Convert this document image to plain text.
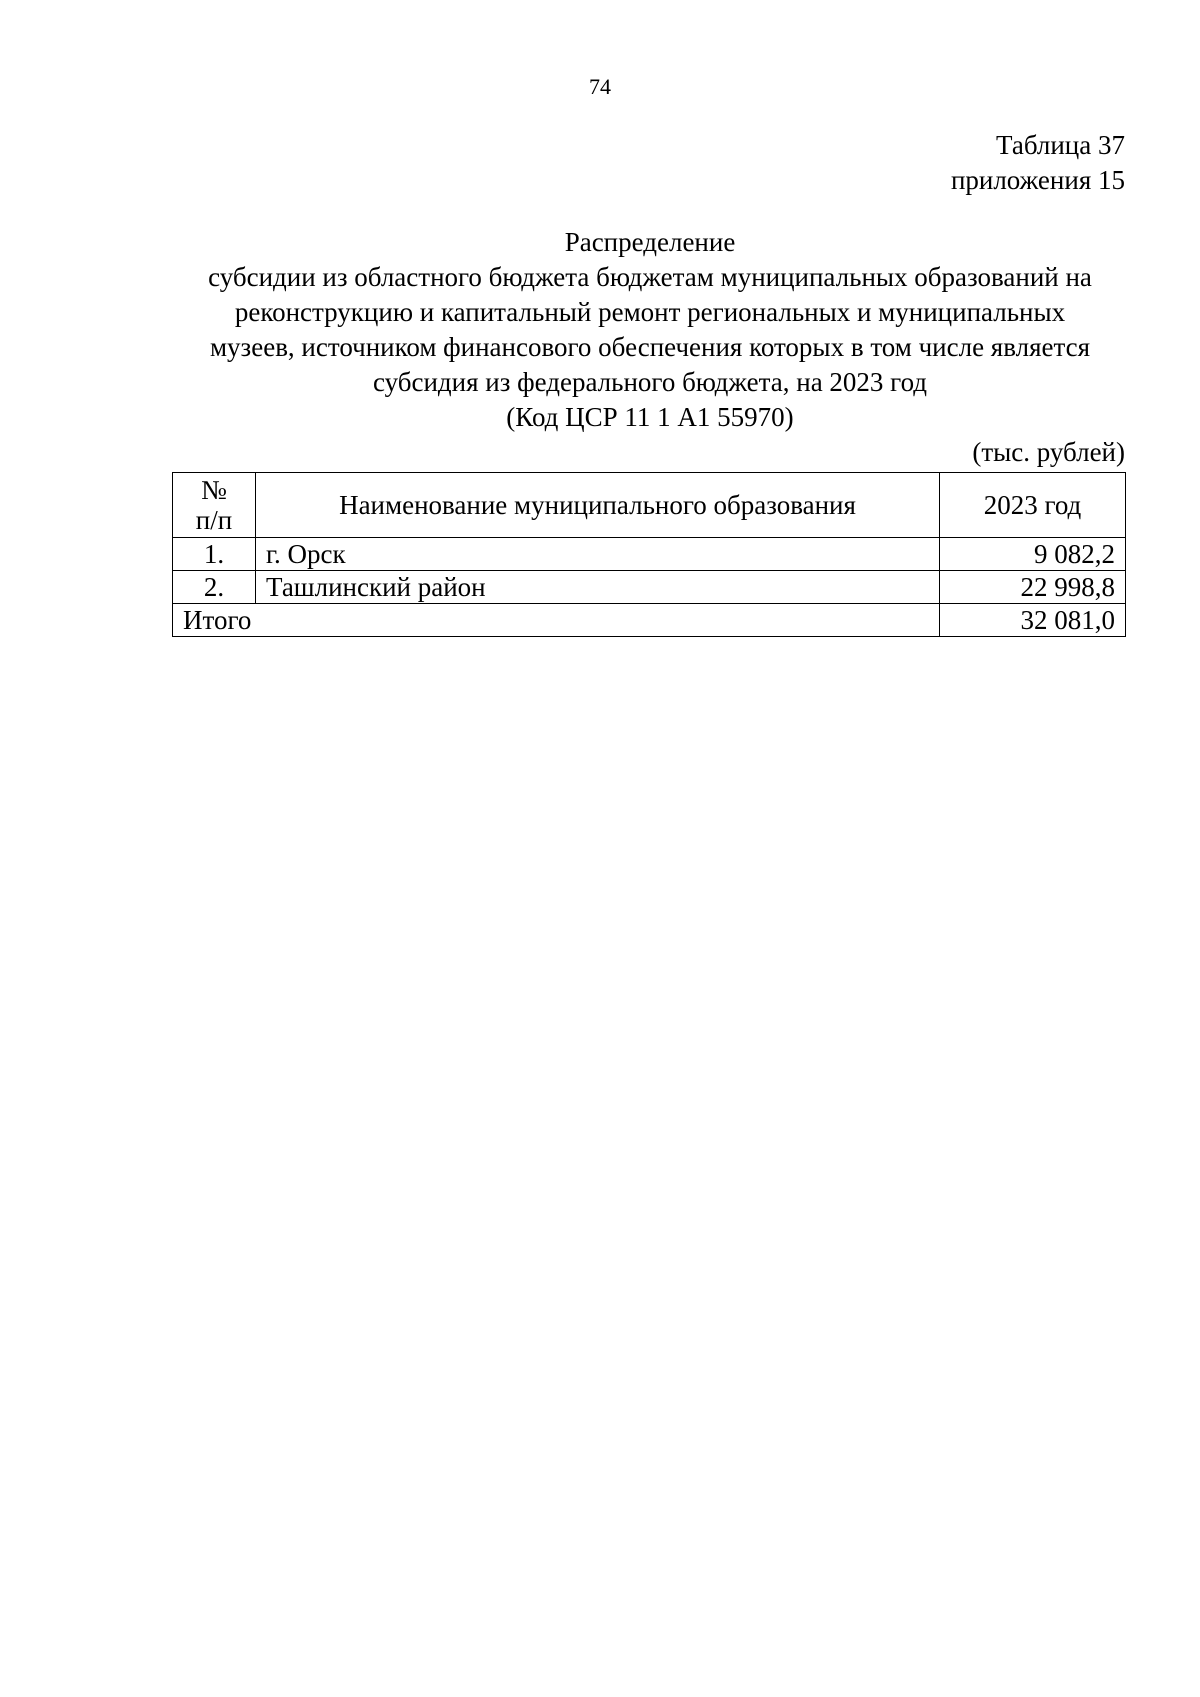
74
Таблица 37
приложения 15
Распределение
субсидии из областного бюджета бюджетам муниципальных образований на
реконструкцию и капитальный ремонт региональных и муниципальных
музеев, источником финансового обеспечения которых в том числе является
субсидия из федерального бюджета, на 2023 год
(Код ЦСР 11 1 А1 55970)
(тыс. рублей)
№
п/п	Наименование муниципального образования	2023 год
1.	г. Орск	9 082,2
2.	Ташлинский район	22 998,8
Итого		32 081,0
